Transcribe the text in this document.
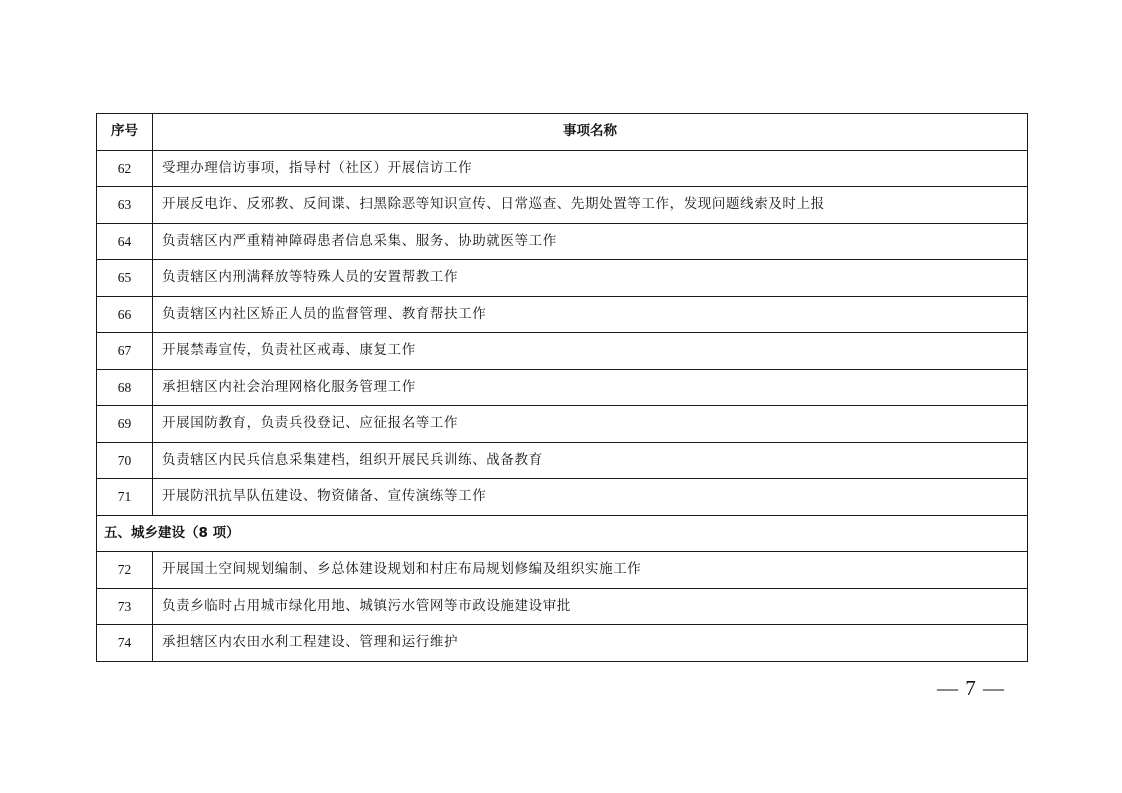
序号	事项名称
62	受理办理信访事项，指导村（社区）开展信访工作
63	开展反电诈、反邪教、反间谍、扫黑除恶等知识宣传、日常巡查、先期处置等工作，发现问题线索及时上报
64	负责辖区内严重精神障碍患者信息采集、服务、协助就医等工作
65	负责辖区内刑满释放等特殊人员的安置帮教工作
66	负责辖区内社区矫正人员的监督管理、教育帮扶工作
67	开展禁毒宣传，负责社区戒毒、康复工作
68	承担辖区内社会治理网格化服务管理工作
69	开展国防教育，负责兵役登记、应征报名等工作
70	负责辖区内民兵信息采集建档，组织开展民兵训练、战备教育
71	开展防汛抗旱队伍建设、物资储备、宣传演练等工作
五、城乡建设（8 项）	
72	开展国土空间规划编制、乡总体建设规划和村庄布局规划修编及组织实施工作
73	负责乡临时占用城市绿化用地、城镇污水管网等市政设施建设审批
74	承担辖区内农田水利工程建设、管理和运行维护
— 7 —
